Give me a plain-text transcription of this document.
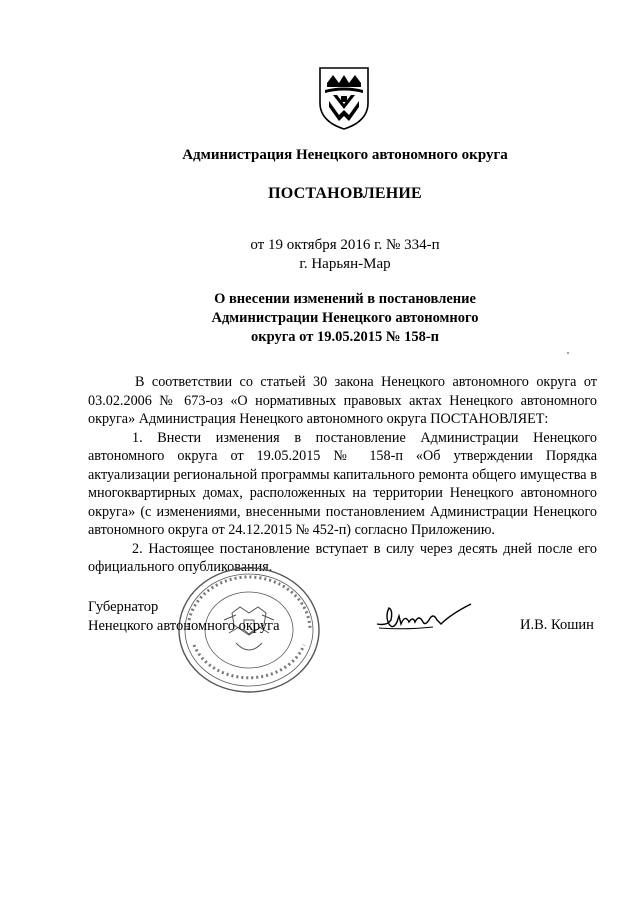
Администрация Ненецкого автономного округа
ПОСТАНОВЛЕНИЕ
от 19 октября 2016 г. № 334-п
г. Нарьян-Мар
О внесении изменений в постановление
Администрации Ненецкого автономного
округа от 19.05.2015 № 158-п

В соответствии со статьей 30 закона Ненецкого автономного округа от 03.02.2006 № 673-оз «О нормативных правовых актах Ненецкого автономного округа» Администрация Ненецкого автономного округа ПОСТАНОВЛЯЕТ:

1. Внести изменения в постановление Администрации Ненецкого автономного округа от 19.05.2015 № 158-п «Об утверждении Порядка актуализации региональной программы капитального ремонта общего имущества в многоквартирных домах, расположенных на территории Ненецкого автономного округа» (с изменениями, внесенными постановлением Администрации Ненецкого автономного округа от 24.12.2015 № 452-п) согласно Приложению.

2. Настоящее постановление вступает в силу через десять дней после его официального опубликования.

Губернатор
Ненецкого автономного округа	И.В. Кошин
